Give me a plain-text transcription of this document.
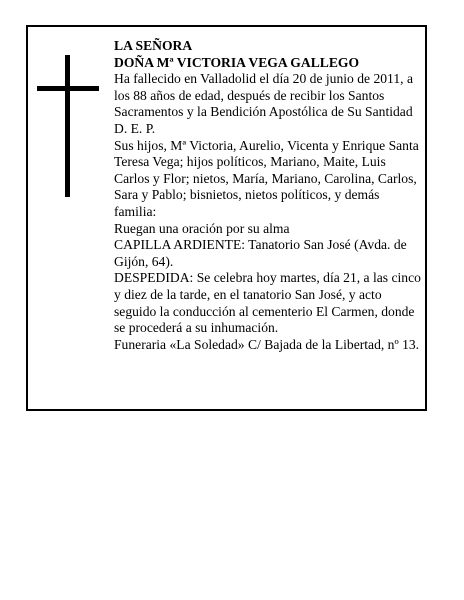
LA SEÑORA

DOÑA Mª VICTORIA VEGA GALLEGO

Ha fallecido en Valladolid el día 20 de junio de 2011, a los 88 años de edad, después de recibir los Santos Sacramentos y la Bendición Apostólica de Su Santidad D. E. P.

Sus hijos, Mª Victoria, Aurelio, Vicenta y Enrique Santa Teresa Vega; hijos políticos, Mariano, Maite, Luis Carlos y Flor; nietos, María, Mariano, Carolina, Carlos, Sara y Pablo; bisnietos, nietos políticos, y demás familia:

Ruegan una oración por su alma

CAPILLA ARDIENTE: Tanatorio San José (Avda. de Gijón, 64).

DESPEDIDA: Se celebra hoy martes, día 21, a las cinco y diez de la tarde, en el tanatorio San José, y acto seguido la conducción al cementerio El Carmen, donde se procederá a su inhumación.

Funeraria «La Soledad» C/ Bajada de la Libertad, nº 13.
